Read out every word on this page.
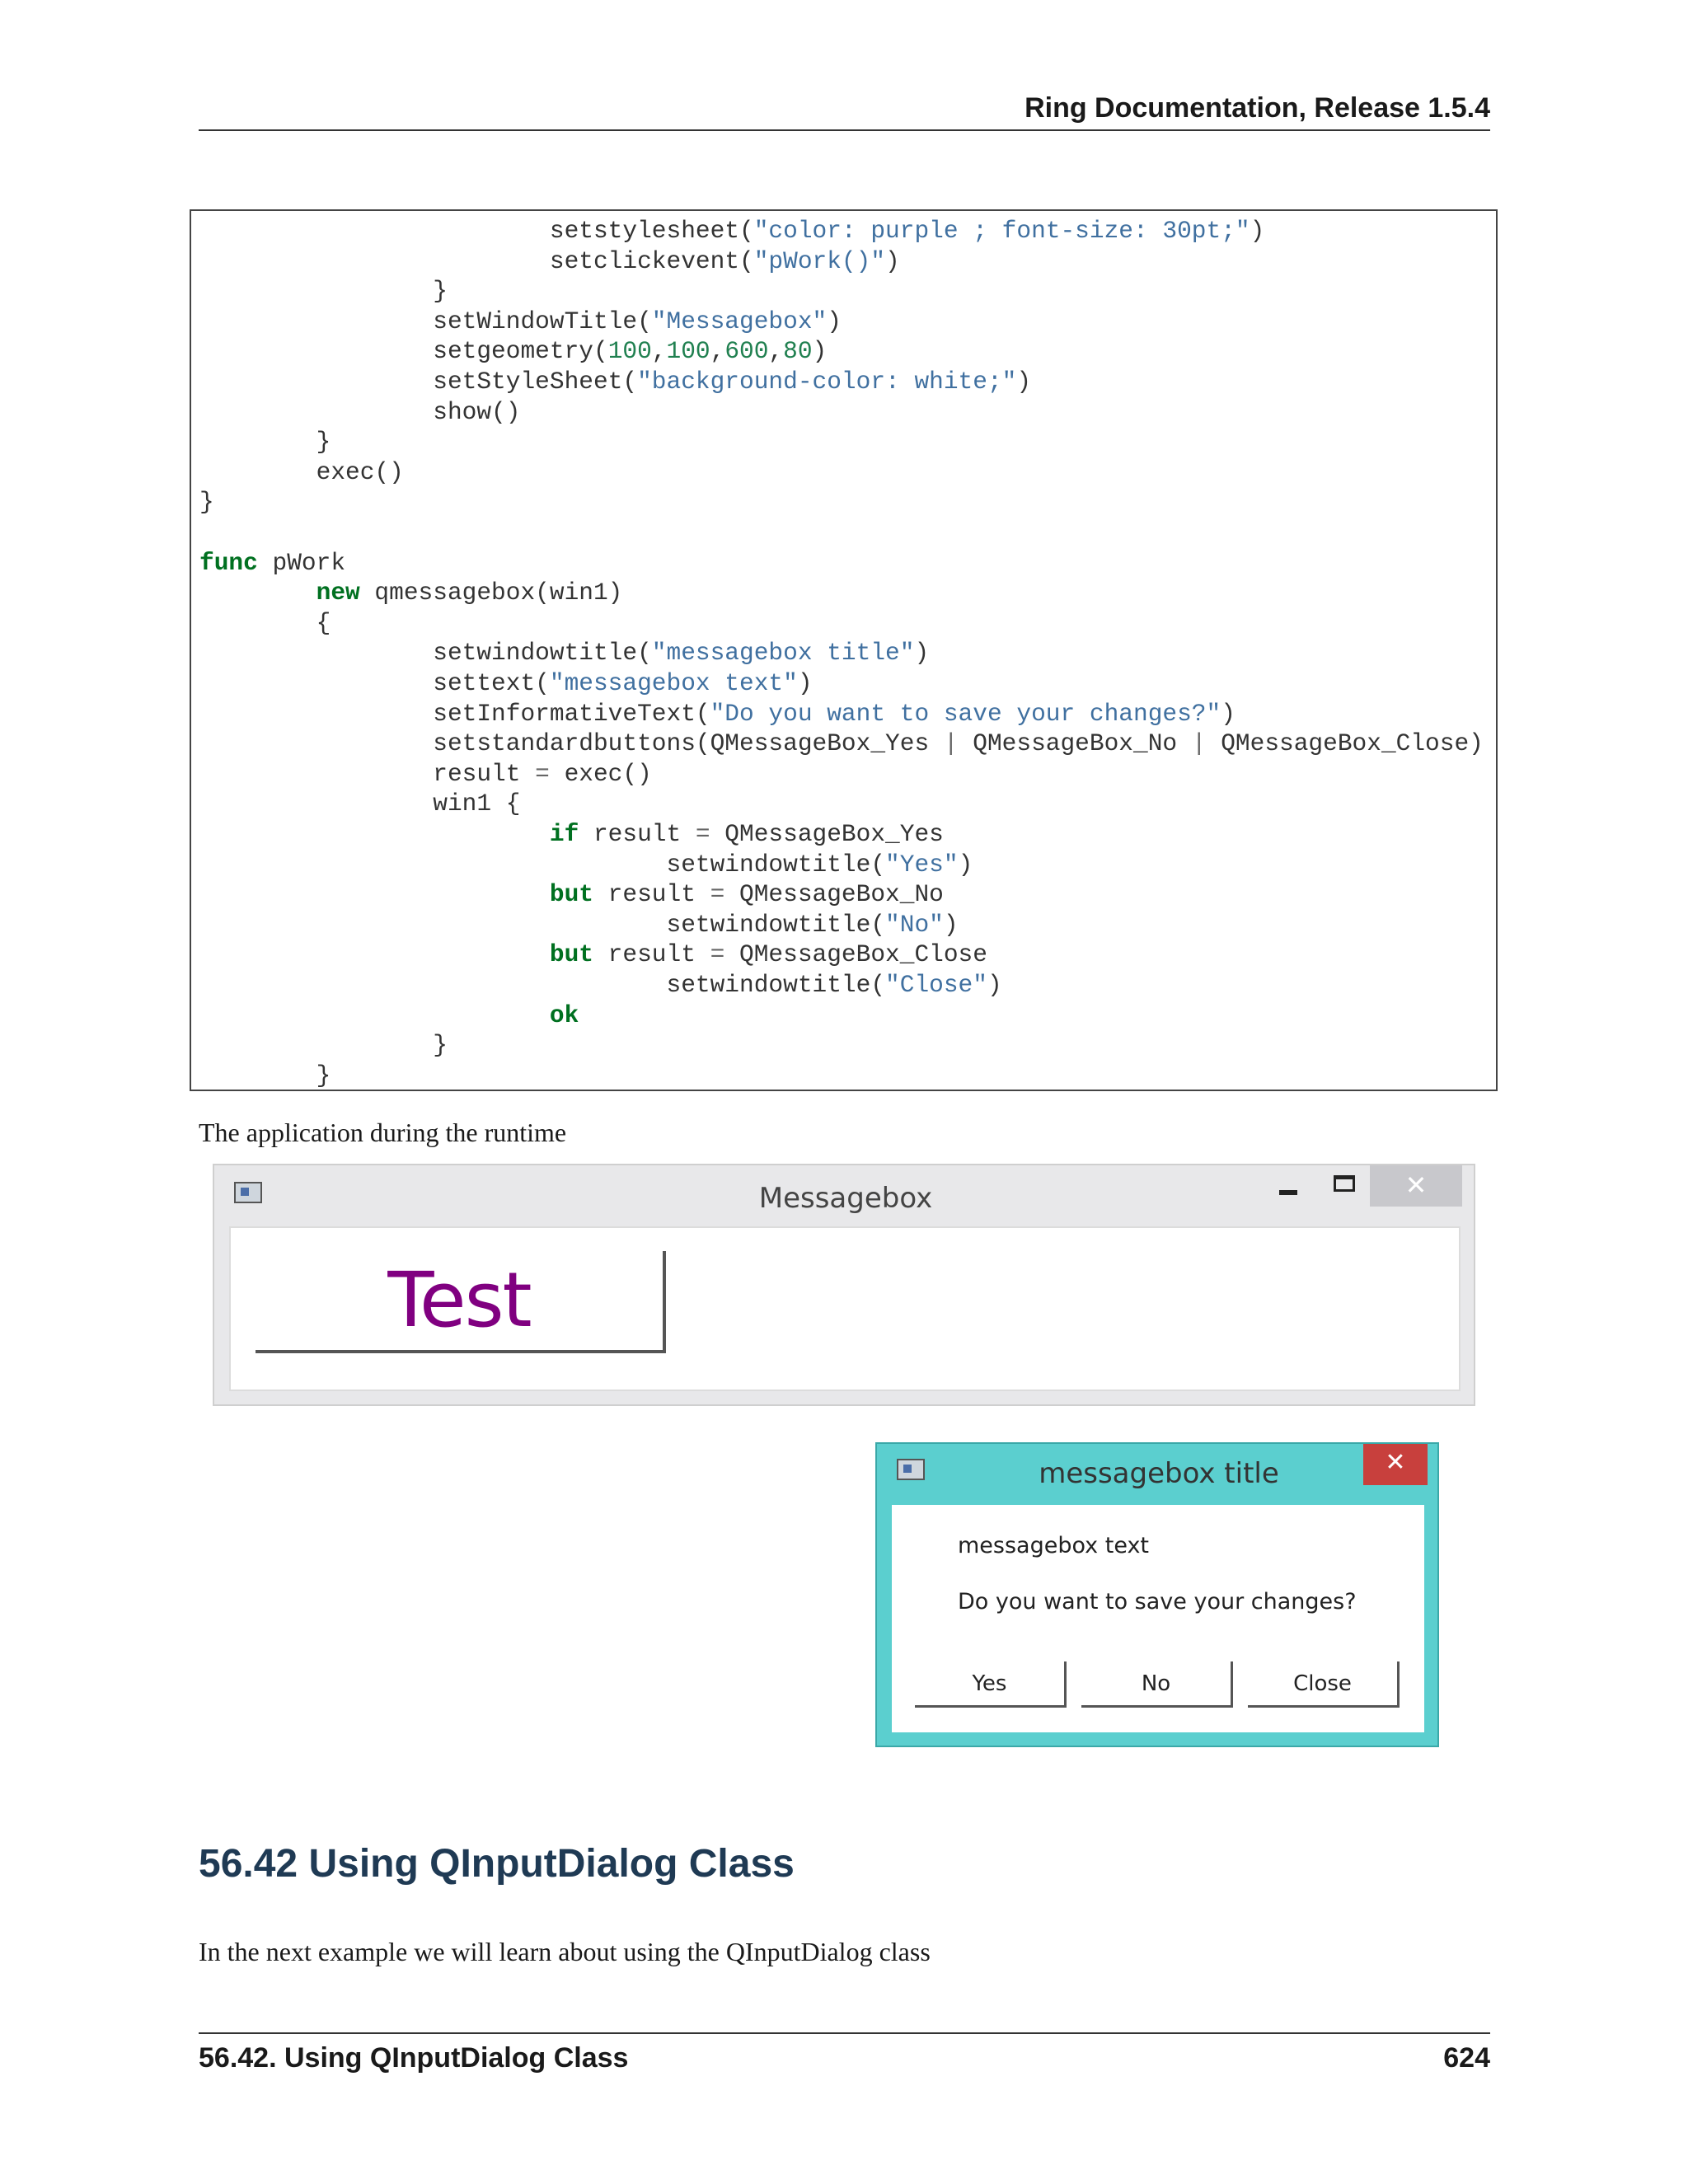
Ring Documentation, Release 1.5.4
setstylesheet("color: purple ; font-size: 30pt;")
setclickevent("pWork()")
}
setWindowTitle("Messagebox")
setgeometry(100,100,600,80)
setStyleSheet("background-color: white;")
show()
}
exec()
}
func pWork
new qmessagebox(win1)
{
setwindowtitle("messagebox title")
settext("messagebox text")
setInformativeText("Do you want to save your changes?")
setstandardbuttons(QMessageBox_Yes | QMessageBox_No | QMessageBox_Close)
result = exec()
win1 {
if result = QMessageBox_Yes
setwindowtitle("Yes")
but result = QMessageBox_No
setwindowtitle("No")
but result = QMessageBox_Close
setwindowtitle("Close")
ok
}
}
The application during the runtime
Messagebox	✕
Test
messagebox title	✕
messagebox text
Do you want to save your changes?
Yes	No	Close
56.42 Using QInputDialog Class
In the next example we will learn about using the QInputDialog class
56.42. Using QInputDialog Class	624
